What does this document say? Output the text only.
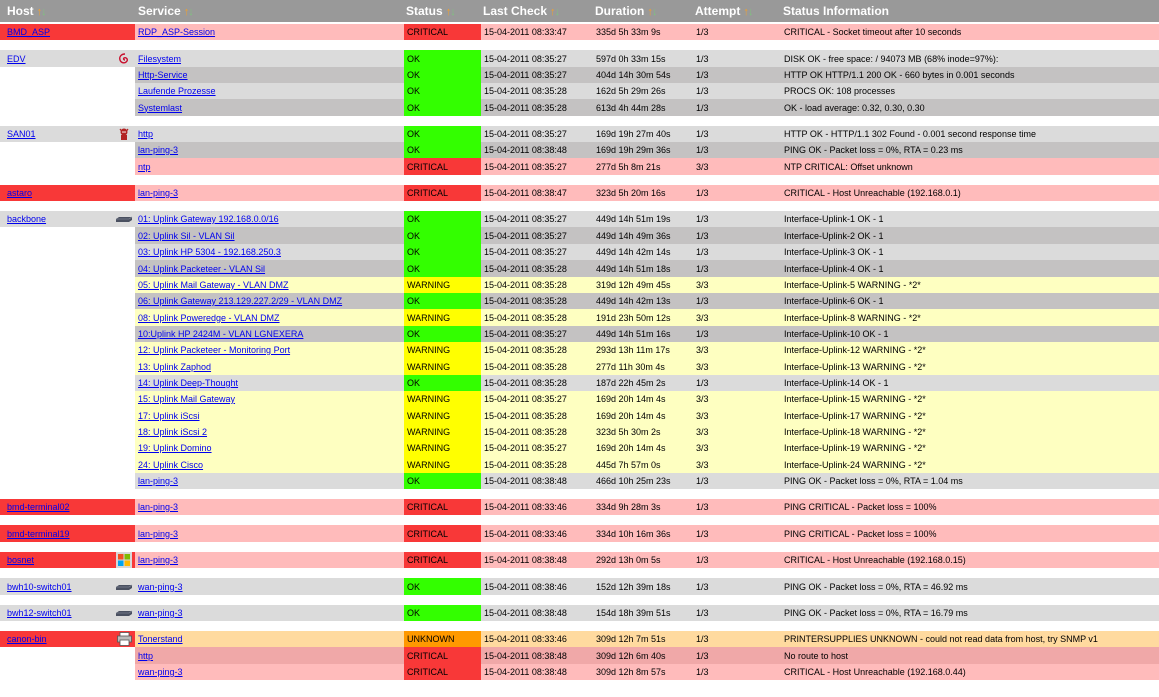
Host ↑↓	Service ↑↓	Status ↑↓ Last Check ↑↓	Duration ↑↓	Attempt ↑↓	Status Information
BMD_ASP	RDP_ASP-Session	CRITICAL	15-04-2011 08:33:47	335d 5h 33m 9s	1/3	CRITICAL - Socket timeout after 10 seconds
EDV	Filesystem	OK	15-04-2011 08:35:27	597d 0h 33m 15s	1/3	DISK OK - free space: / 94073 MB (68% inode=97%):
Http-Service	OK	15-04-2011 08:35:27	404d 14h 30m 54s	1/3	HTTP OK HTTP/1.1 200 OK - 660 bytes in 0.001 seconds
Laufende Prozesse	OK	15-04-2011 08:35:28	162d 5h 29m 26s	1/3	PROCS OK: 108 processes
Systemlast	OK	15-04-2011 08:35:28	613d 4h 44m 28s	1/3	OK - load average: 0.32, 0.30, 0.30
SAN01	http	OK	15-04-2011 08:35:27	169d 19h 27m 40s	1/3	HTTP OK - HTTP/1.1 302 Found - 0.001 second response time
lan-ping-3	OK	15-04-2011 08:38:48	169d 19h 29m 36s	1/3	PING OK - Packet loss = 0%, RTA = 0.23 ms
ntp	CRITICAL	15-04-2011 08:35:27	277d 5h 8m 21s	3/3	NTP CRITICAL: Offset unknown
astaro	lan-ping-3	CRITICAL	15-04-2011 08:38:47	323d 5h 20m 16s	1/3	CRITICAL - Host Unreachable (192.168.0.1)
backbone	01: Uplink Gateway 192.168.0.0/16	OK	15-04-2011 08:35:27	449d 14h 51m 19s	1/3	Interface-Uplink-1 OK - 1
02: Uplink Sil - VLAN Sil	OK	15-04-2011 08:35:27	449d 14h 49m 36s	1/3	Interface-Uplink-2 OK - 1
03: Uplink HP 5304 - 192.168.250.3	OK	15-04-2011 08:35:27	449d 14h 42m 14s	1/3	Interface-Uplink-3 OK - 1
04: Uplink Packeteer - VLAN Sil	OK	15-04-2011 08:35:28	449d 14h 51m 18s	1/3	Interface-Uplink-4 OK - 1
05: Uplink Mail Gateway - VLAN DMZ	WARNING	15-04-2011 08:35:28	319d 12h 49m 45s	3/3	Interface-Uplink-5 WARNING - *2*
06: Uplink Gateway 213.129.227.2/29 - VLAN DMZ	OK	15-04-2011 08:35:28	449d 14h 42m 13s	1/3	Interface-Uplink-6 OK - 1
08: Uplink Poweredge - VLAN DMZ	WARNING	15-04-2011 08:35:28	191d 23h 50m 12s	3/3	Interface-Uplink-8 WARNING - *2*
10:Uplink HP 2424M - VLAN LGNEXERA	OK	15-04-2011 08:35:27	449d 14h 51m 16s	1/3	Interface-Uplink-10 OK - 1
12: Uplink Packeteer - Monitoring Port	WARNING	15-04-2011 08:35:28	293d 13h 11m 17s	3/3	Interface-Uplink-12 WARNING - *2*
13: Uplink Zaphod	WARNING	15-04-2011 08:35:28	277d 11h 30m 4s	3/3	Interface-Uplink-13 WARNING - *2*
14: Uplink Deep-Thought	OK	15-04-2011 08:35:28	187d 22h 45m 2s	1/3	Interface-Uplink-14 OK - 1
15: Uplink Mail Gateway	WARNING	15-04-2011 08:35:27	169d 20h 14m 4s	3/3	Interface-Uplink-15 WARNING - *2*
17: Uplink iScsi	WARNING	15-04-2011 08:35:28	169d 20h 14m 4s	3/3	Interface-Uplink-17 WARNING - *2*
18: Uplink iScsi 2	WARNING	15-04-2011 08:35:28	323d 5h 30m 2s	3/3	Interface-Uplink-18 WARNING - *2*
19: Uplink Domino	WARNING	15-04-2011 08:35:27	169d 20h 14m 4s	3/3	Interface-Uplink-19 WARNING - *2*
24: Uplink Cisco	WARNING	15-04-2011 08:35:28	445d 7h 57m 0s	3/3	Interface-Uplink-24 WARNING - *2*
lan-ping-3	OK	15-04-2011 08:38:48	466d 10h 25m 23s	1/3	PING OK - Packet loss = 0%, RTA = 1.04 ms
bmd-terminal02	lan-ping-3	CRITICAL	15-04-2011 08:33:46	334d 9h 28m 3s	1/3	PING CRITICAL - Packet loss = 100%
bmd-terminal19	lan-ping-3	CRITICAL	15-04-2011 08:33:46	334d 10h 16m 36s	1/3	PING CRITICAL - Packet loss = 100%
bosnet	lan-ping-3	CRITICAL	15-04-2011 08:38:48	292d 13h 0m 5s	1/3	CRITICAL - Host Unreachable (192.168.0.15)
bwh10-switch01	wan-ping-3	OK	15-04-2011 08:38:46	152d 12h 39m 18s	1/3	PING OK - Packet loss = 0%, RTA = 46.92 ms
bwh12-switch01	wan-ping-3	OK	15-04-2011 08:38:48	154d 18h 39m 51s	1/3	PING OK - Packet loss = 0%, RTA = 16.79 ms
canon-bin	Tonerstand	UNKNOWN	15-04-2011 08:33:46	309d 12h 7m 51s	1/3	PRINTERSUPPLIES UNKNOWN - could not read data from host, try SNMP v1
http	CRITICAL	15-04-2011 08:38:48	309d 12h 6m 40s	1/3	No route to host
wan-ping-3	CRITICAL	15-04-2011 08:38:48	309d 12h 8m 57s	1/3	CRITICAL - Host Unreachable (192.168.0.44)
